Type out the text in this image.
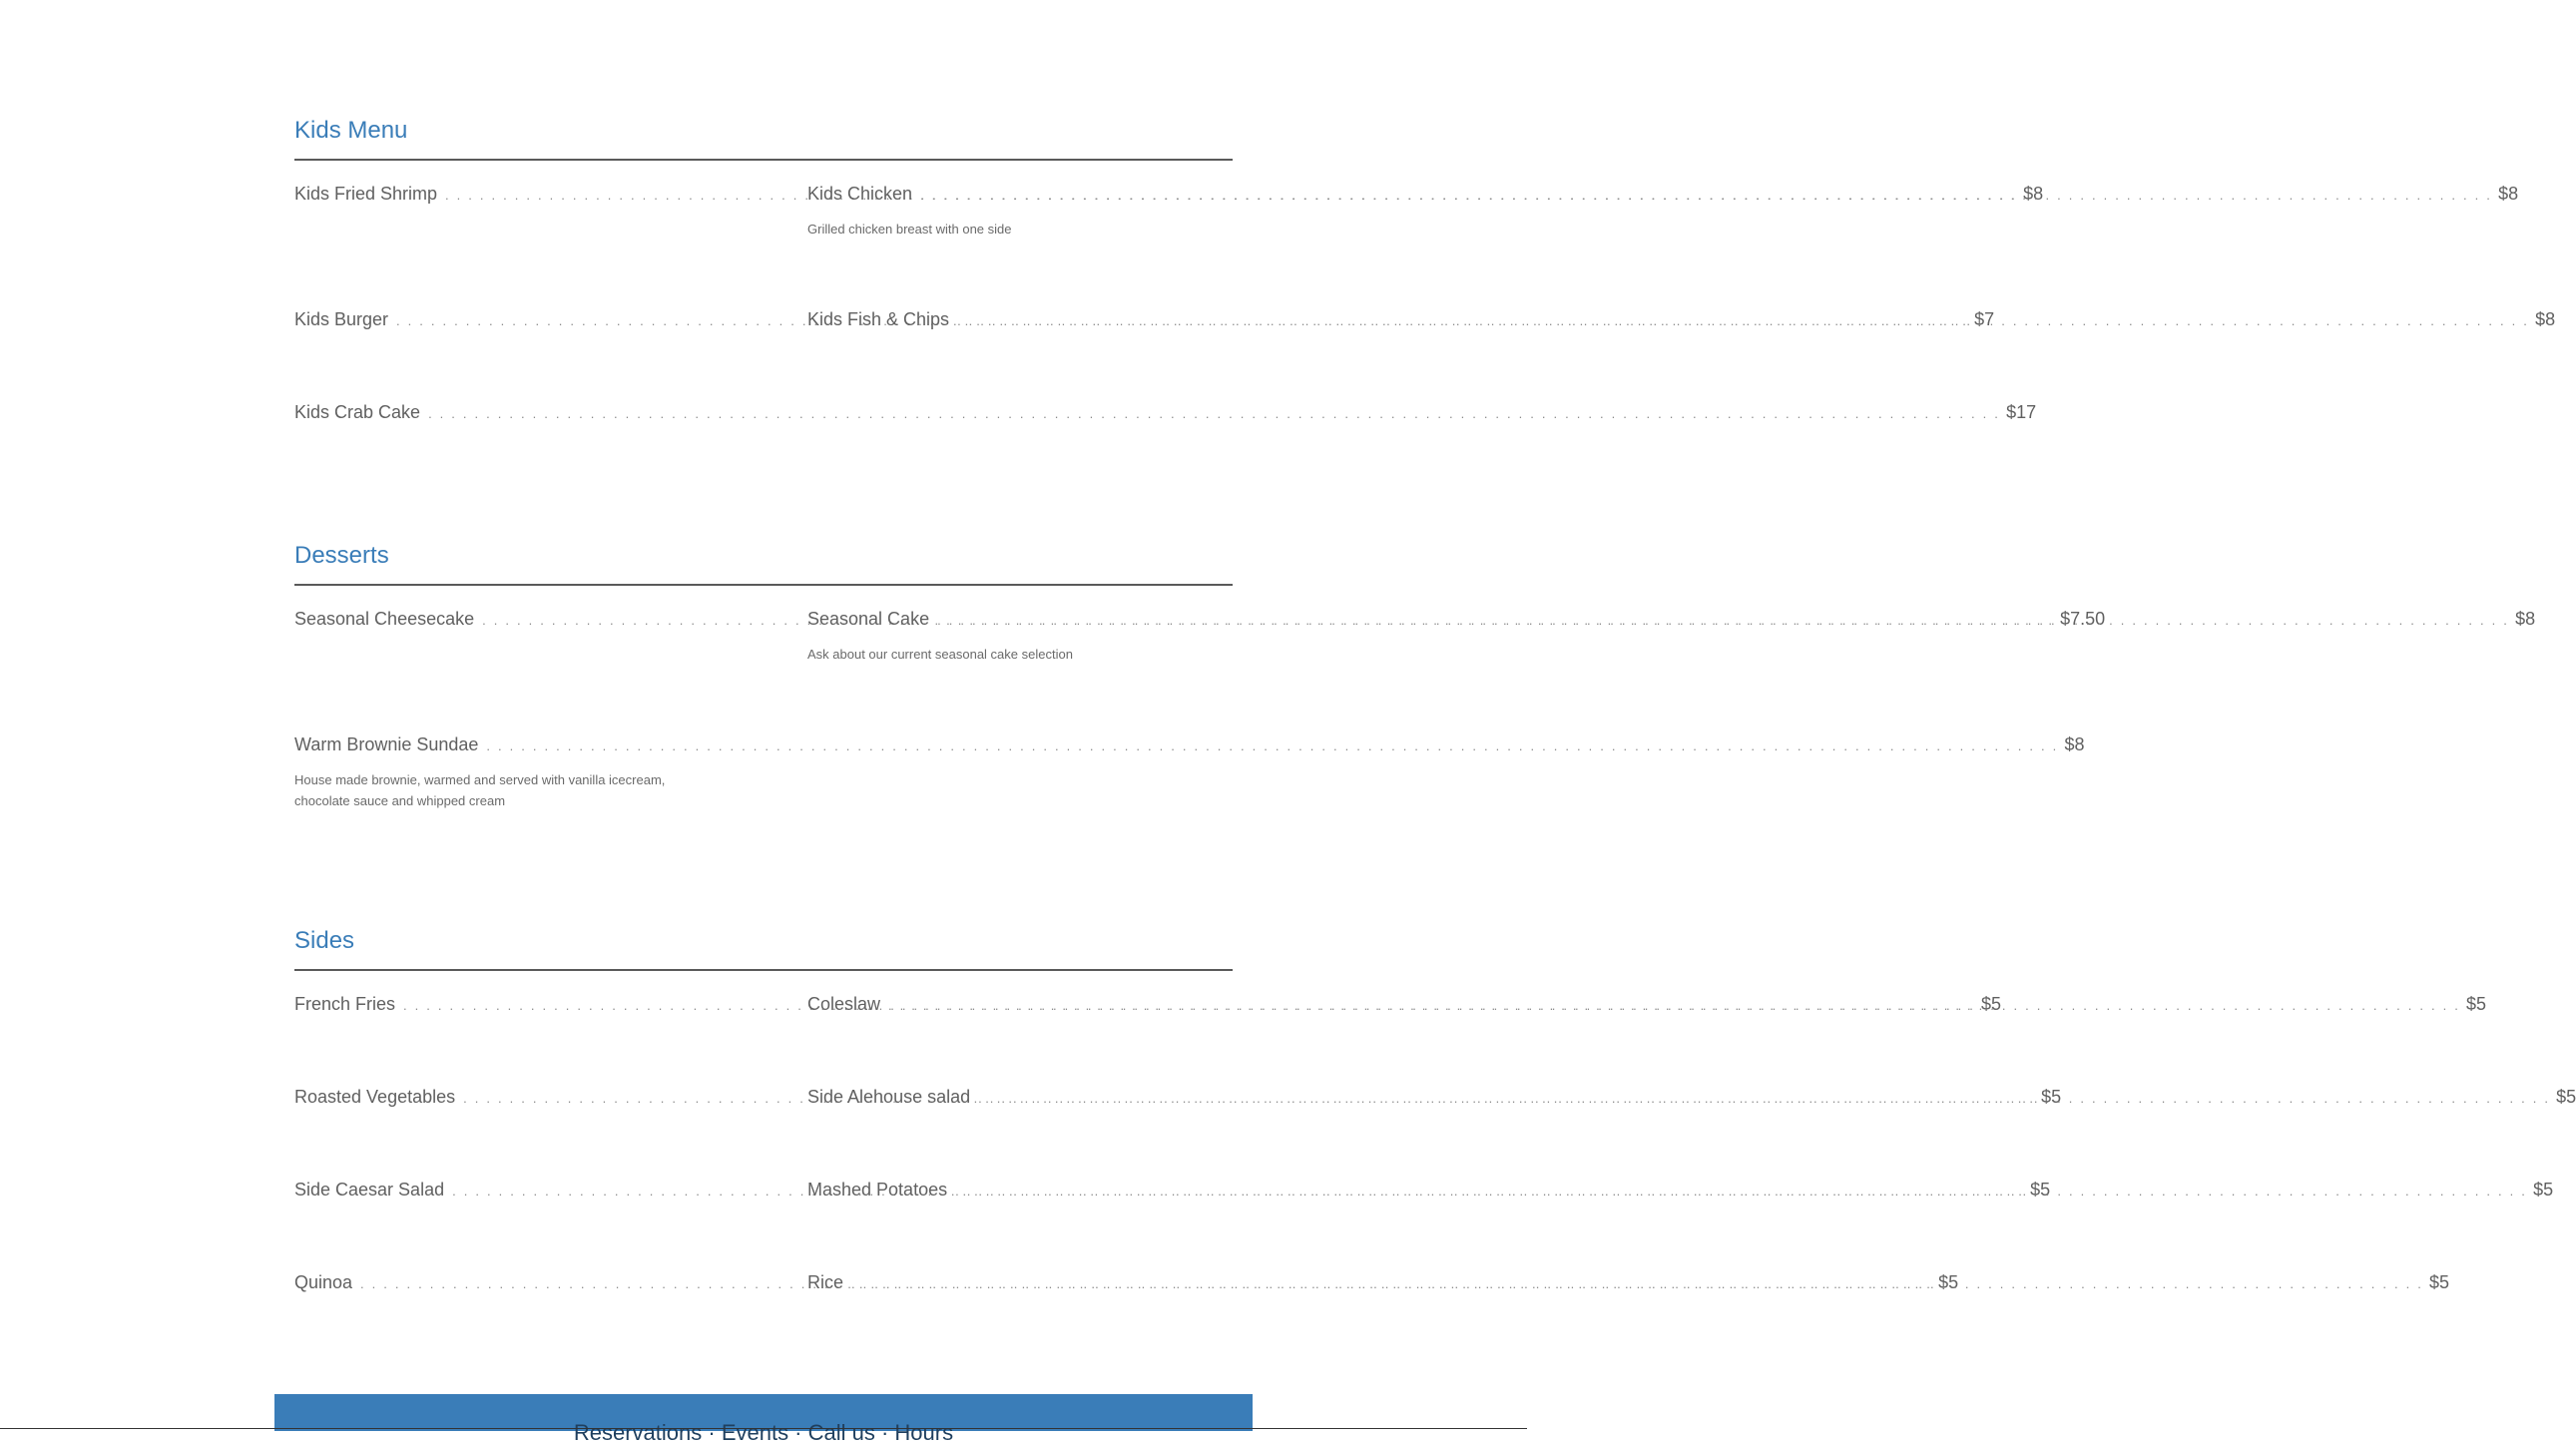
Kids Menu
Kids Fried Shrimp . . .	$8
Kids Chicken . . .	$8
Grilled chicken breast with one side
Kids Burger . . .	$7
Kids Fish & Chips . . .	$8
Kids Crab Cake . . .	$17
Desserts
Seasonal Cheesecake . . .	$7.50
Seasonal Cake . . .	$8
Ask about our current seasonal cake selection
Warm Brownie Sundae . . .	$8
House made brownie, warmed and served with vanilla icecream, chocolate sauce and whipped cream
Sides
French Fries . . .	$5
Coleslaw . . .	$5
Roasted Vegetables . . .	$5
Side Alehouse salad . . .	$5
Side Caesar Salad . . .	$5
Mashed Potatoes . . .	$5
Quinoa . . .	$5
Rice . . .	$5
Reservations · Events · Call us · Hours
